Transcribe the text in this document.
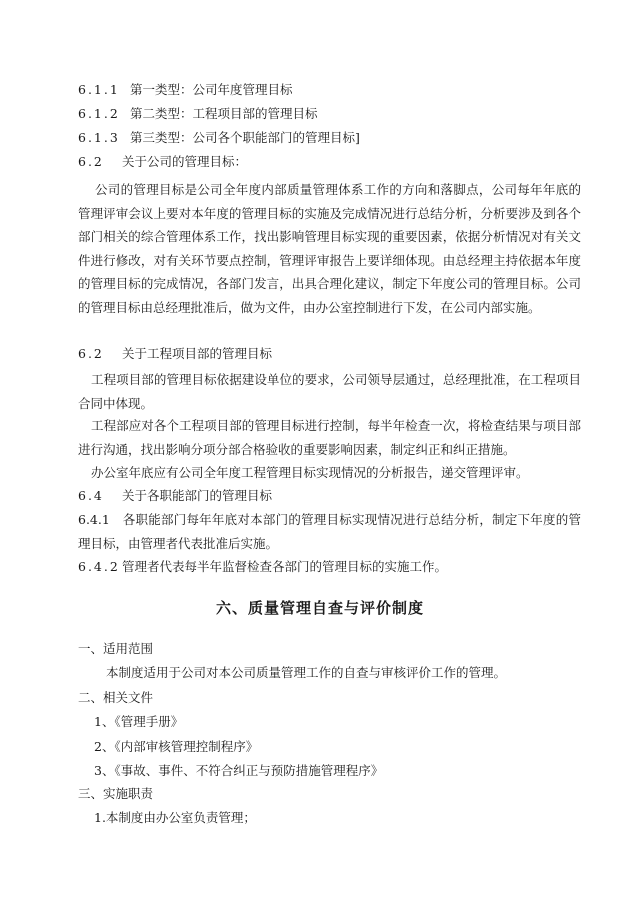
6.1.1 第一类型：公司年度管理目标
6.1.2 第二类型：工程项目部的管理目标
6.1.3 第三类型：公司各个职能部门的管理目标]
6.2 关于公司的管理目标：
公司的管理目标是公司全年度内部质量管理体系工作的方向和落脚点，公司每年年底的管理评审会议上要对本年度的管理目标的实施及完成情况进行总结分析，分析要涉及到各个部门相关的综合管理体系工作，找出影响管理目标实现的重要因素，依据分析情况对有关文件进行修改，对有关环节要点控制，管理评审报告上要详细体现。由总经理主持依据本年度的管理目标的完成情况，各部门发言，出具合理化建议，制定下年度公司的管理目标。公司的管理目标由总经理批准后，做为文件，由办公室控制进行下发，在公司内部实施。
6.2 关于工程项目部的管理目标
工程项目部的管理目标依据建设单位的要求，公司领导层通过，总经理批准，在工程项目合同中体现。
工程部应对各个工程项目部的管理目标进行控制，每半年检查一次，将检查结果与项目部进行沟通，找出影响分项分部合格验收的重要影响因素，制定纠正和纠正措施。
办公室年底应有公司全年度工程管理目标实现情况的分析报告，递交管理评审。
6.4 关于各职能部门的管理目标
6.4.1　各职能部门每年年底对本部门的管理目标实现情况进行总结分析，制定下年度的管理目标，由管理者代表批准后实施。
6.4.2 管理者代表每半年监督检查各部门的管理目标的实施工作。
六、质量管理自查与评价制度
一、适用范围
本制度适用于公司对本公司质量管理工作的自查与审核评价工作的管理。
二、相关文件
1、《管理手册》
2、《内部审核管理控制程序》
3、《事故、事件、不符合纠正与预防措施管理程序》
三、实施职责
1.本制度由办公室负责管理；
